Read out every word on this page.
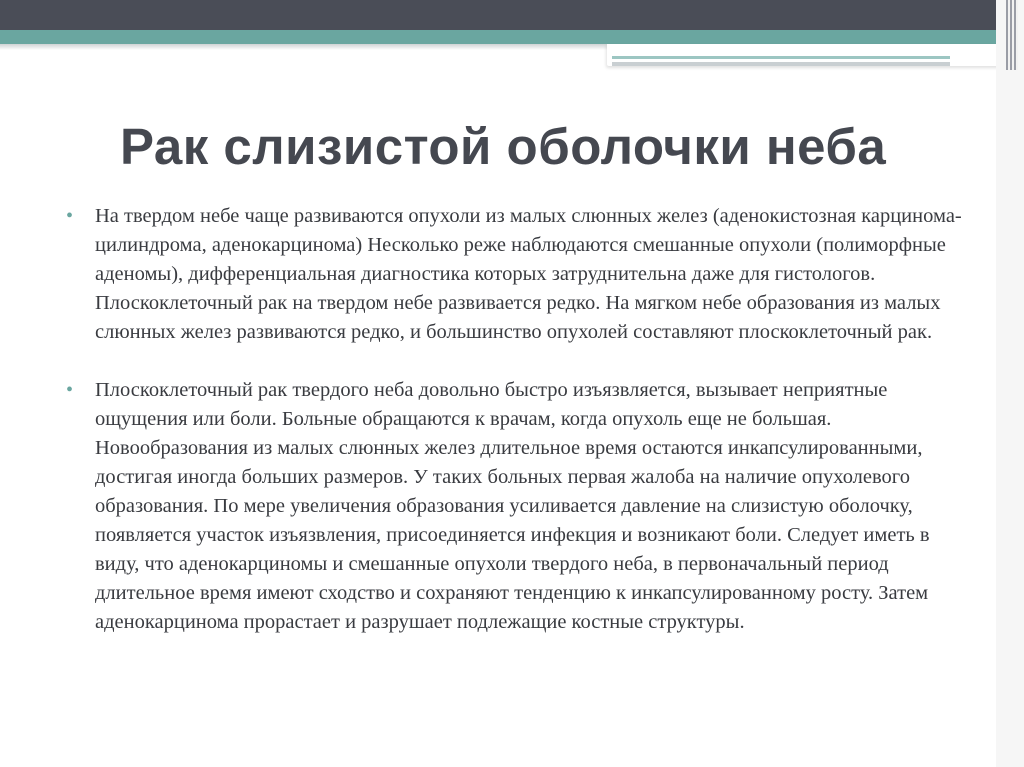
Рак слизистой оболочки неба
• На твердом небе чаще развиваются опухоли из малых слюнных желез (аденокистозная карцинома- цилиндрома, аденокарцинома) Несколько реже наблюдаются смешанные опухоли (полиморфные аденомы), дифференциальная диагностика которых затруднительна даже для гистологов. Плоскоклеточный рак на твердом небе развивается редко. На мягком небе образования из малых слюнных желез развиваются редко, и большинство опухолей составляют плоскоклеточный рак.
• Плоскоклеточный рак твердого неба довольно быстро изъязвляется, вызывает неприятные ощущения или боли. Больные обращаются к врачам, когда опухоль еще не большая. Новообразования из малых слюнных желез длительное время остаются инкапсулированными, достигая иногда больших размеров. У таких больных первая жалоба на наличие опухолевого образования. По мере увеличения образования усиливается давление на слизистую оболочку, появляется участок изъязвления, присоединяется инфекция и возникают боли. Следует иметь в виду, что аденокарциномы и смешанные опухоли твердого неба, в первоначальный период длительное время имеют сходство и сохраняют тенденцию к инкапсулированному росту. Затем аденокарцинома прорастает и разрушает подлежащие костные структуры.
